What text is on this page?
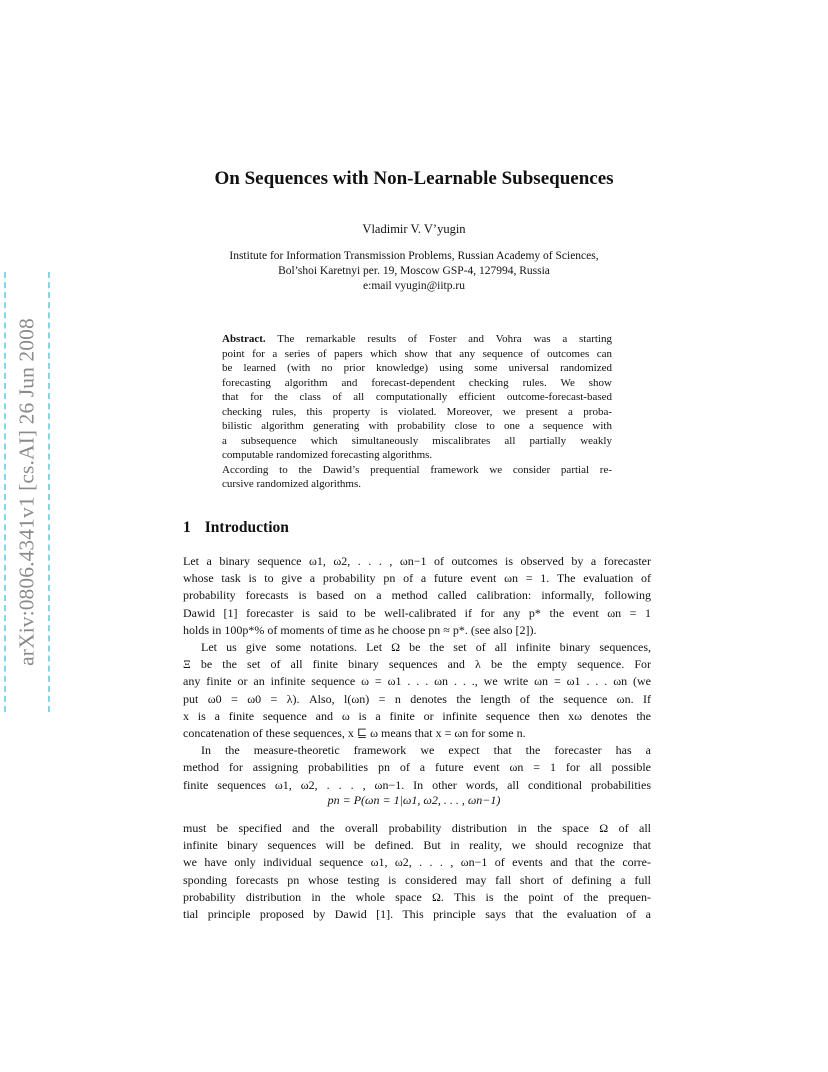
arXiv:0806.4341v1 [cs.AI] 26 Jun 2008
On Sequences with Non-Learnable Subsequences
Vladimir V. V’yugin
Institute for Information Transmission Problems, Russian Academy of Sciences,
Bol’shoi Karetnyi per. 19, Moscow GSP-4, 127994, Russia
e:mail vyugin@iitp.ru
Abstract. The remarkable results of Foster and Vohra was a starting
point for a series of papers which show that any sequence of outcomes can
be learned (with no prior knowledge) using some universal randomized
forecasting algorithm and forecast-dependent checking rules. We show
that for the class of all computationally efficient outcome-forecast-based
checking rules, this property is violated. Moreover, we present a proba-
bilistic algorithm generating with probability close to one a sequence with
a subsequence which simultaneously miscalibrates all partially weakly
computable randomized forecasting algorithms.
According to the Dawid’s prequential framework we consider partial re-
cursive randomized algorithms.
1 Introduction
Let a binary sequence ω1, ω2, . . . , ωn−1 of outcomes is observed by a forecaster
whose task is to give a probability pn of a future event ωn = 1. The evaluation of
probability forecasts is based on a method called calibration: informally, following
Dawid [1] forecaster is said to be well-calibrated if for any p* the event ωn = 1
holds in 100p*% of moments of time as he choose pn ≈ p*. (see also [2]).
Let us give some notations. Let Ω be the set of all infinite binary sequences,
Ξ be the set of all finite binary sequences and λ be the empty sequence. For
any finite or an infinite sequence ω = ω1 . . . ωn . . ., we write ωn = ω1 . . . ωn (we
put ω0 = ω0 = λ). Also, l(ωn) = n denotes the length of the sequence ωn. If
x is a finite sequence and ω is a finite or infinite sequence then xω denotes the
concatenation of these sequences, x ⊑ ω means that x = ωn for some n.
In the measure-theoretic framework we expect that the forecaster has a
method for assigning probabilities pn of a future event ωn = 1 for all possible
finite sequences ω1, ω2, . . . , ωn−1. In other words, all conditional probabilities
pn = P(ωn = 1|ω1, ω2, . . . , ωn−1)
must be specified and the overall probability distribution in the space Ω of all
infinite binary sequences will be defined. But in reality, we should recognize that
we have only individual sequence ω1, ω2, . . . , ωn−1 of events and that the corre-
sponding forecasts pn whose testing is considered may fall short of defining a full
probability distribution in the whole space Ω. This is the point of the prequen-
tial principle proposed by Dawid [1]. This principle says that the evaluation of a
